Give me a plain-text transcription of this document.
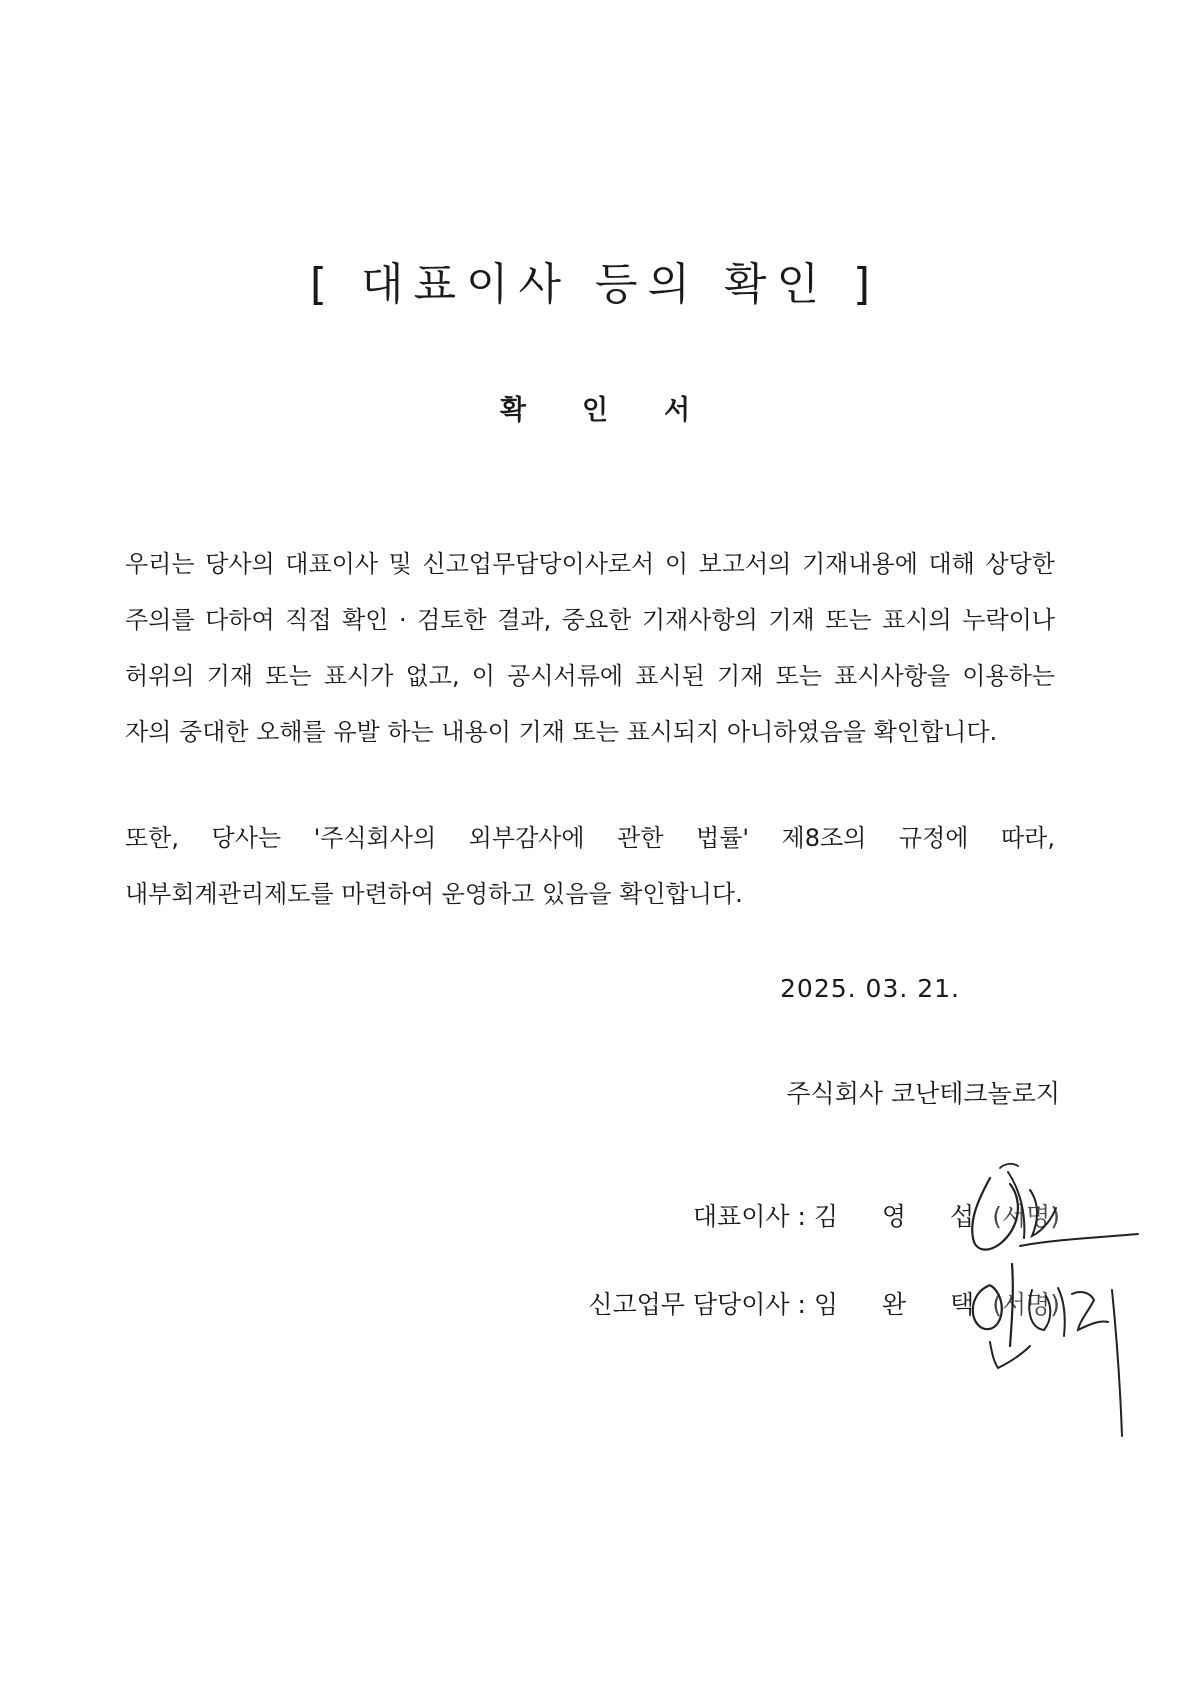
[ 대표이사 등의 확인 ]
확인서

우리는 당사의 대표이사 및 신고업무담당이사로서 이 보고서의 기재내용에 대해 상당한 주의를 다하여 직접 확인 · 검토한 결과, 중요한 기재사항의 기재 또는 표시의 누락이나 허위의 기재 또는 표시가 없고, 이 공시서류에 표시된 기재 또는 표시사항을 이용하는 자의 중대한 오해를 유발 하는 내용이 기재 또는 표시되지 아니하였음을 확인합니다.

또한, 당사는 '주식회사의 외부감사에 관한 법률' 제8조의 규정에 따라, 내부회계관리제도를 마련하여 운영하고 있음을 확인합니다.

2025. 03. 21.
주식회사 코난테크놀로지
대표이사 : 김 영 섭(서명)
신고업무 담당이사 : 임 완 택(서명)
